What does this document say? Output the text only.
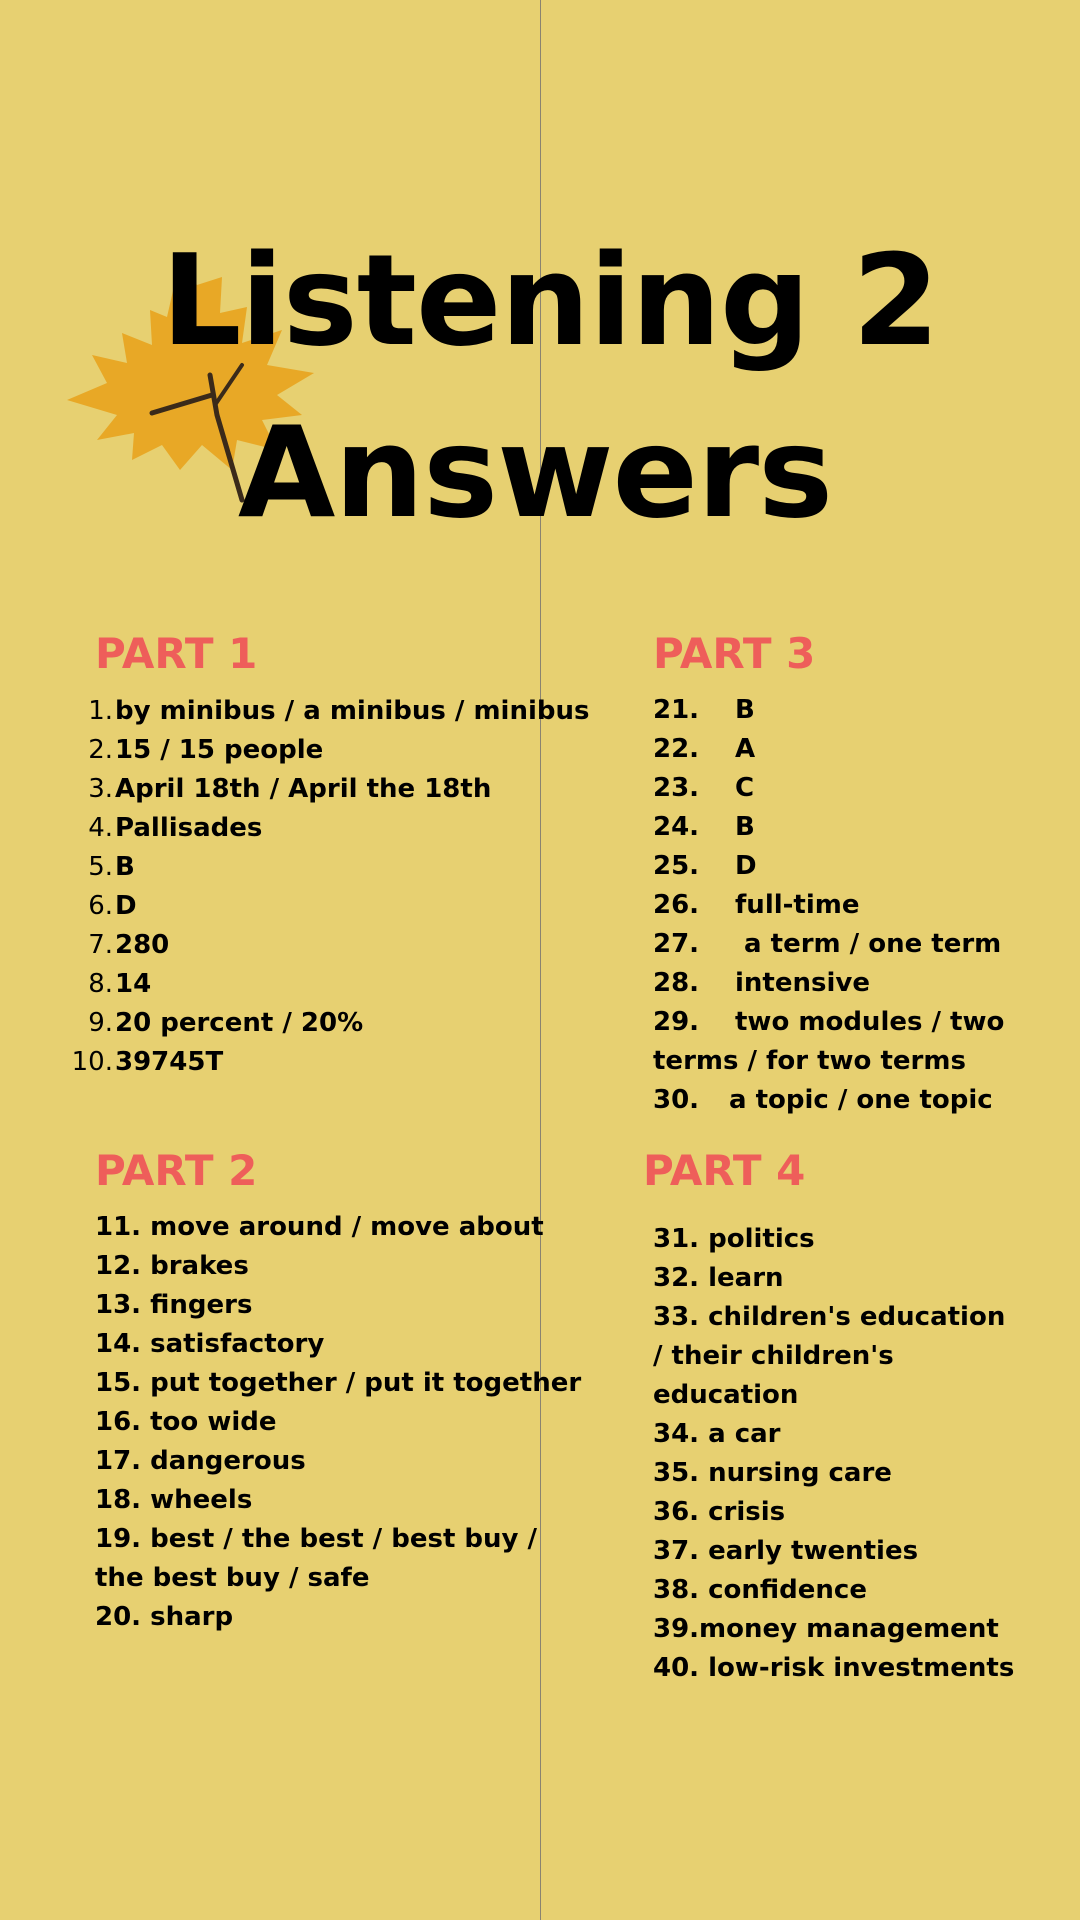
Listening 2
Answers
PART 1
1. by minibus / a minibus / minibus
2. 15 / 15 people
3. April 18th / April the 18th
4. Pallisades
5. B
6. D
7. 280
8. 14
9. 20 percent / 20%
10. 39745T
PART 2
11. move around / move about
12. brakes
13. fingers
14. satisfactory
15. put together / put it together
16. too wide
17. dangerous
18. wheels
19. best / the best / best buy / the best buy / safe
20. sharp
PART 3
21. B
22. A
23. C
24. B
25. D
26. full-time
27. a term / one term
28. intensive
29. two modules / two terms / for two terms
30. a topic / one topic
PART 4
31. politics
32. learn
33. children's education / their children's education
34. a car
35. nursing care
36. crisis
37. early twenties
38. confidence
39.money management
40. low-risk investments
